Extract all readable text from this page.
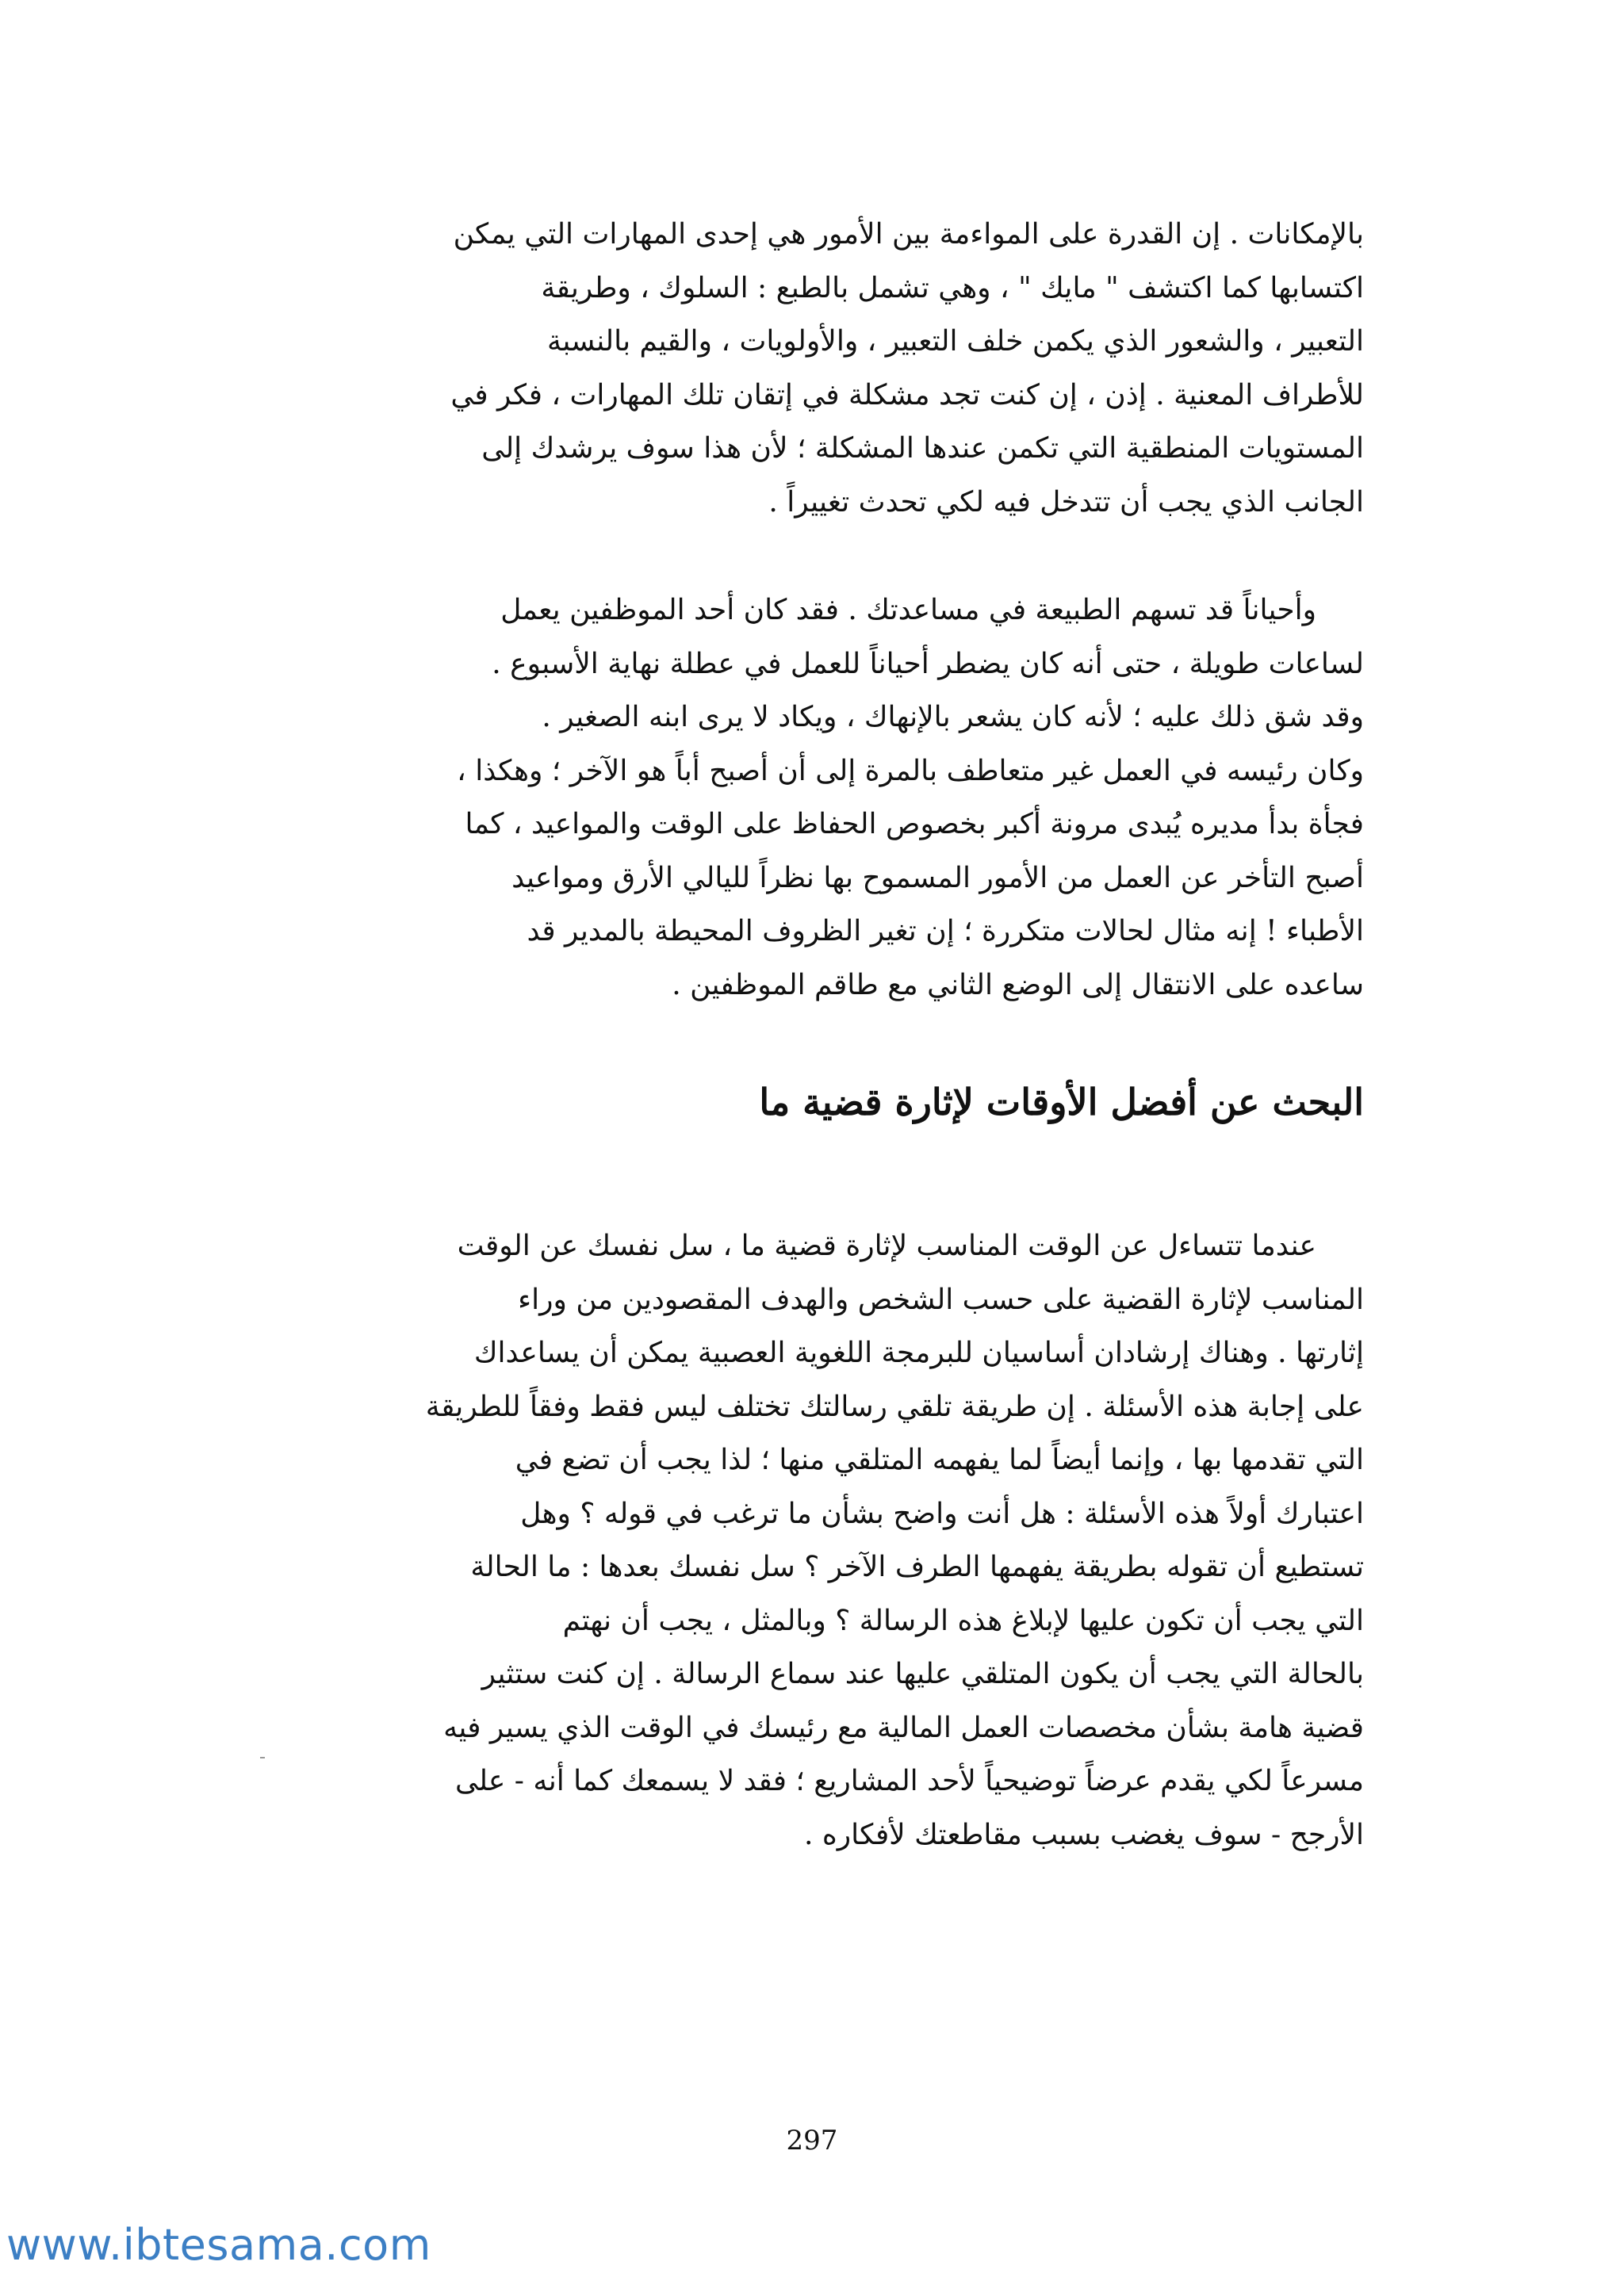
بالإمكانات . إن القدرة على المواءمة بين الأمور هي إحدى المهارات التي يمكن
اكتسابها كما اكتشف " مايك " ، وهي تشمل بالطبع : السلوك ، وطريقة
التعبير ، والشعور الذي يكمن خلف التعبير ، والأولويات ، والقيم بالنسبة
للأطراف المعنية . إذن ، إن كنت تجد مشكلة في إتقان تلك المهارات ، فكر في
المستويات المنطقية التي تكمن عندها المشكلة ؛ لأن هذا سوف يرشدك إلى
الجانب الذي يجب أن تتدخل فيه لكي تحدث تغييراً .
وأحياناً قد تسهم الطبيعة في مساعدتك . فقد كان أحد الموظفين يعمل
لساعات طويلة ، حتى أنه كان يضطر أحياناً للعمل في عطلة نهاية الأسبوع .
وقد شق ذلك عليه ؛ لأنه كان يشعر بالإنهاك ، ويكاد لا يرى ابنه الصغير .
وكان رئيسه في العمل غير متعاطف بالمرة إلى أن أصبح أباً هو الآخر ؛ وهكذا ،
فجأة بدأ مديره يُبدى مرونة أكبر بخصوص الحفاظ على الوقت والمواعيد ، كما
أصبح التأخر عن العمل من الأمور المسموح بها نظراً لليالي الأرق ومواعيد
الأطباء ! إنه مثال لحالات متكررة ؛ إن تغير الظروف المحيطة بالمدير قد
ساعده على الانتقال إلى الوضع الثاني مع طاقم الموظفين .
البحث عن أفضل الأوقات لإثارة قضية ما
عندما تتساءل عن الوقت المناسب لإثارة قضية ما ، سل نفسك عن الوقت
المناسب لإثارة القضية على حسب الشخص والهدف المقصودين من وراء
إثارتها . وهناك إرشادان أساسيان للبرمجة اللغوية العصبية يمكن أن يساعداك
على إجابة هذه الأسئلة . إن طريقة تلقي رسالتك تختلف ليس فقط وفقاً للطريقة
التي تقدمها بها ، وإنما أيضاً لما يفهمه المتلقي منها ؛ لذا يجب أن تضع في
اعتبارك أولاً هذه الأسئلة : هل أنت واضح بشأن ما ترغب في قوله ؟ وهل
تستطيع أن تقوله بطريقة يفهمها الطرف الآخر ؟ سل نفسك بعدها : ما الحالة
التي يجب أن تكون عليها لإبلاغ هذه الرسالة ؟ وبالمثل ، يجب أن نهتم
بالحالة التي يجب أن يكون المتلقي عليها عند سماع الرسالة . إن كنت ستثير
قضية هامة بشأن مخصصات العمل المالية مع رئيسك في الوقت الذي يسير فيه
مسرعاً لكي يقدم عرضاً توضيحياً لأحد المشاريع ؛ فقد لا يسمعك كما أنه - على
الأرجح - سوف يغضب بسبب مقاطعتك لأفكاره .
297
www.ibtesama.com
